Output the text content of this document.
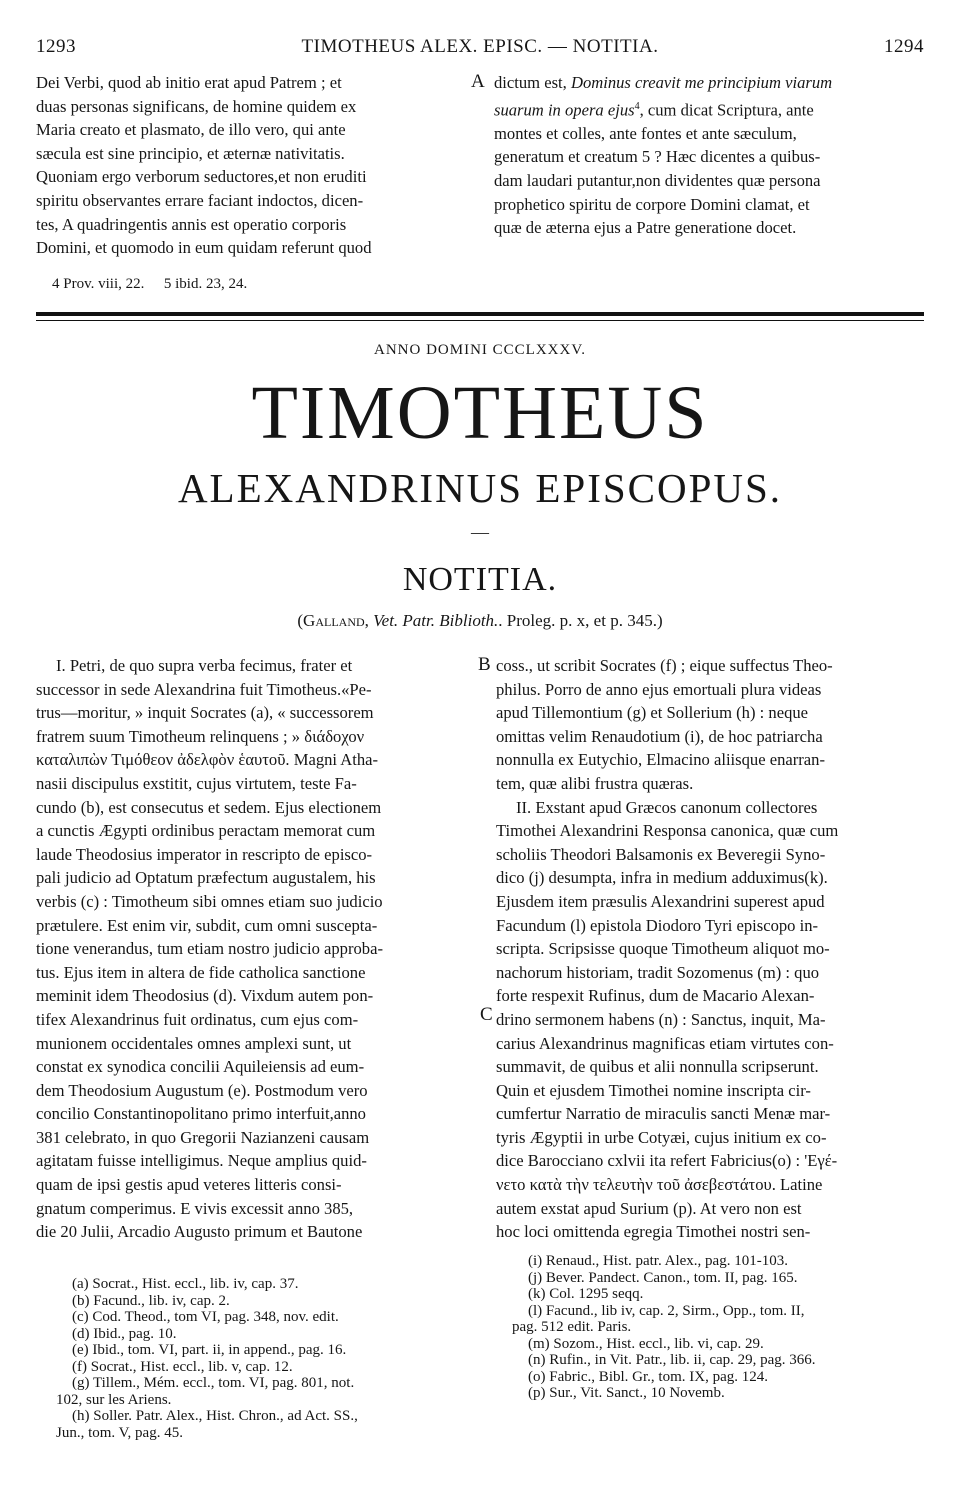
1293	TIMOTHEUS ALEX. EPISC. — NOTITIA.	1294

Dei Verbi, quod ab initio erat apud Patrem ; et

duas personas significans, de homine quidem ex

Maria creato et plasmato, de illo vero, qui ante

sæcula est sine principio, et æternæ nativitatis.

Quoniam ergo verborum seductores,et non eruditi

spiritu observantes errare faciant indoctos, dicen-

tes, A quadringentis annis est operatio corporis

Domini, et quomodo in eum quidam referunt quod

A dictum est, Dominus creavit me principium viarum

suarum in opera ejus$^4$, cum dicat Scriptura, ante

montes et colles, ante fontes et ante sæculum,

generatum et creatum 5 ? Hæc dicentes a quibus-

dam laudari putantur,non dividentes quæ persona

prophetico spiritu de corpore Domini clamat, et

quæ de æterna ejus a Patre generatione docet.

4 Prov. viii, 22. 5 ibid. 23, 24.
ANNO DOMINI CCCLXXXV.
TIMOTHEUS
ALEXANDRINUS EPISCOPUS.
—
NOTITIA.
(Galland, Vet. Patr. Biblioth.. Proleg. p. x, et p. 345.)

I. Petri, de quo supra verba fecimus, frater et

successor in sede Alexandrina fuit Timotheus.«Pe-

trus—moritur, » inquit Socrates (a), « successorem

fratrem suum Timotheum relinquens ; » διάδοχον

καταλιπὼν Τιμόθεον ἀδελφὸν ἑαυτοῦ. Magni Atha-

nasii discipulus exstitit, cujus virtutem, teste Fa-

cundo (b), est consecutus et sedem. Ejus electionem

a cunctis Ægypti ordinibus peractam memorat cum

laude Theodosius imperator in rescripto de episco-

pali judicio ad Optatum præfectum augustalem, his

verbis (c) : Timotheum sibi omnes etiam suo judicio

prætulere. Est enim vir, subdit, cum omni suscepta-

tione venerandus, tum etiam nostro judicio approba-

tus. Ejus item in altera de fide catholica sanctione

meminit idem Theodosius (d). Vixdum autem pon-

tifex Alexandrinus fuit ordinatus, cum ejus com-

munionem occidentales omnes amplexi sunt, ut

constat ex synodica concilii Aquileiensis ad eum-

dem Theodosium Augustum (e). Postmodum vero

concilio Constantinopolitano primo interfuit,anno

381 celebrato, in quo Gregorii Nazianzeni causam

agitatam fuisse intelligimus. Neque amplius quid-

quam de ipsi gestis apud veteres litteris consi-

gnatum comperimus. E vivis excessit anno 385,

die 20 Julii, Arcadio Augusto primum et Bautone

B
C

coss., ut scribit Socrates (f) ; eique suffectus Theo-

philus. Porro de anno ejus emortuali plura videas

apud Tillemontium (g) et Sollerium (h) : neque

omittas velim Renaudotium (i), de hoc patriarcha

nonnulla ex Eutychio, Elmacino aliisque enarran-

tem, quæ alibi frustra quæras.

II. Exstant apud Græcos canonum collectores

Timothei Alexandrini Responsa canonica, quæ cum

scholiis Theodori Balsamonis ex Beveregii Syno-

dico (j) desumpta, infra in medium adduximus(k).

Ejusdem item præsulis Alexandrini superest apud

Facundum (l) epistola Diodoro Tyri episcopo in-

scripta. Scripsisse quoque Timotheum aliquot mo-

nachorum historiam, tradit Sozomenus (m) : quo

forte respexit Rufinus, dum de Macario Alexan-

drino sermonem habens (n) : Sanctus, inquit, Ma-

carius Alexandrinus magnificas etiam virtutes con-

summavit, de quibus et alii nonnulla scripserunt.

Quin et ejusdem Timothei nomine inscripta cir-

cumfertur Narratio de miraculis sancti Menæ mar-

tyris Ægyptii in urbe Cotyæi, cujus initium ex co-

dice Barocciano cxlvii ita refert Fabricius(o) : 'Εγέ-

νετο κατὰ τὴν τελευτὴν τοῦ ἀσεβεστάτου. Latine

autem exstat apud Surium (p). At vero non est

hoc loci omittenda egregia Timothei nostri sen-

(a) Socrat., Hist. eccl., lib. iv, cap. 37.
(b) Facund., lib. iv, cap. 2.
(c) Cod. Theod., tom VI, pag. 348, nov. edit.
(d) Ibid., pag. 10.
(e) Ibid., tom. VI, part. ii, in append., pag. 16.
(f) Socrat., Hist. eccl., lib. v, cap. 12.
(g) Tillem., Mém. eccl., tom. VI, pag. 801, not.
102, sur les Ariens.
(h) Soller. Patr. Alex., Hist. Chron., ad Act. SS.,
Jun., tom. V, pag. 45.
(i) Renaud., Hist. patr. Alex., pag. 101-103.
(j) Bever. Pandect. Canon., tom. II, pag. 165.
(k) Col. 1295 seqq.
(l) Facund., lib iv, cap. 2, Sirm., Opp., tom. II,
pag. 512 edit. Paris.
(m) Sozom., Hist. eccl., lib. vi, cap. 29.
(n) Rufin., in Vit. Patr., lib. ii, cap. 29, pag. 366.
(o) Fabric., Bibl. Gr., tom. IX, pag. 124.
(p) Sur., Vit. Sanct., 10 Novemb.
